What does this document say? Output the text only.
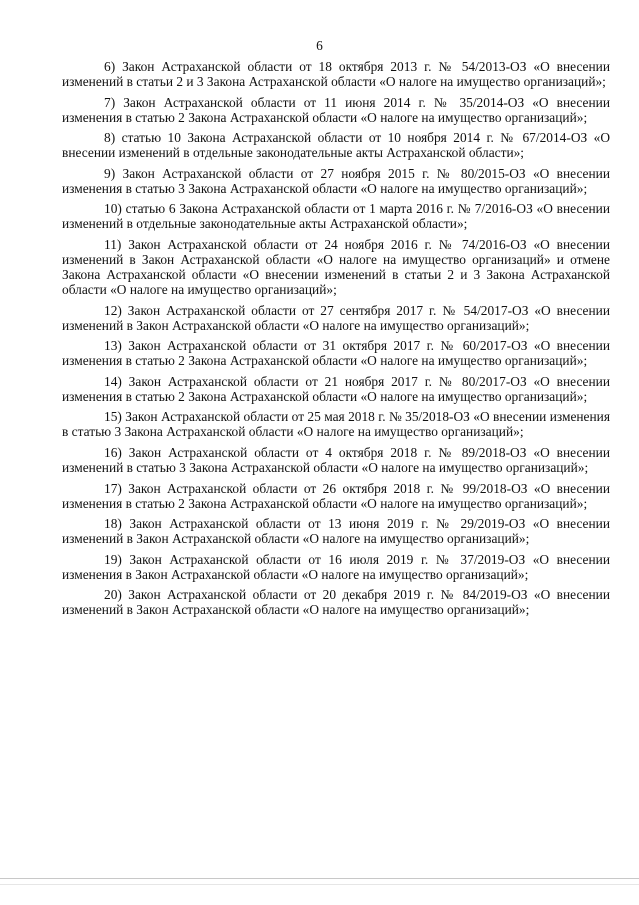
6

6) Закон Астраханской области от 18 октября 2013 г. № 54/2013-ОЗ «О внесении изменений в статьи 2 и 3 Закона Астраханской области «О налоге на имущество организаций»;

7) Закон Астраханской области от 11 июня 2014 г. № 35/2014-ОЗ «О внесении изменения в статью 2 Закона Астраханской области «О налоге на имущество организаций»;

8) статью 10 Закона Астраханской области от 10 ноября 2014 г. № 67/2014-ОЗ «О внесении изменений в отдельные законодательные акты Астраханской области»;

9) Закон Астраханской области от 27 ноября 2015 г. № 80/2015-ОЗ «О внесении изменения в статью 3 Закона Астраханской области «О налоге на имущество организаций»;

10) статью 6 Закона Астраханской области от 1 марта 2016 г. № 7/2016-ОЗ «О внесении изменений в отдельные законодательные акты Астраханской области»;

11) Закон Астраханской области от 24 ноября 2016 г. № 74/2016-ОЗ «О внесении изменений в Закон Астраханской области «О налоге на имущество организаций» и отмене Закона Астраханской области «О внесении изменений в статьи 2 и 3 Закона Астраханской области «О налоге на имущество организаций»;

12) Закон Астраханской области от 27 сентября 2017 г. № 54/2017-ОЗ «О внесении изменений в Закон Астраханской области «О налоге на имущество организаций»;

13) Закон Астраханской области от 31 октября 2017 г. № 60/2017-ОЗ «О внесении изменения в статью 2 Закона Астраханской области «О налоге на имущество организаций»;

14) Закон Астраханской области от 21 ноября 2017 г. № 80/2017-ОЗ «О внесении изменения в статью 2 Закона Астраханской области «О налоге на имущество организаций»;

15) Закон Астраханской области от 25 мая 2018 г. № 35/2018-ОЗ «О внесении изменения в статью 3 Закона Астраханской области «О налоге на имущество организаций»;

16) Закон Астраханской области от 4 октября 2018 г. № 89/2018-ОЗ «О внесении изменений в статью 3 Закона Астраханской области «О налоге на имущество организаций»;

17) Закон Астраханской области от 26 октября 2018 г. № 99/2018-ОЗ «О внесении изменения в статью 2 Закона Астраханской области «О налоге на имущество организаций»;

18) Закон Астраханской области от 13 июня 2019 г. № 29/2019-ОЗ «О внесении изменений в Закон Астраханской области «О налоге на имущество организаций»;

19) Закон Астраханской области от 16 июля 2019 г. № 37/2019-ОЗ «О внесении изменения в Закон Астраханской области «О налоге на имущество организаций»;

20) Закон Астраханской области от 20 декабря 2019 г. № 84/2019-ОЗ «О внесении изменений в Закон Астраханской области «О налоге на имущество организаций»;
